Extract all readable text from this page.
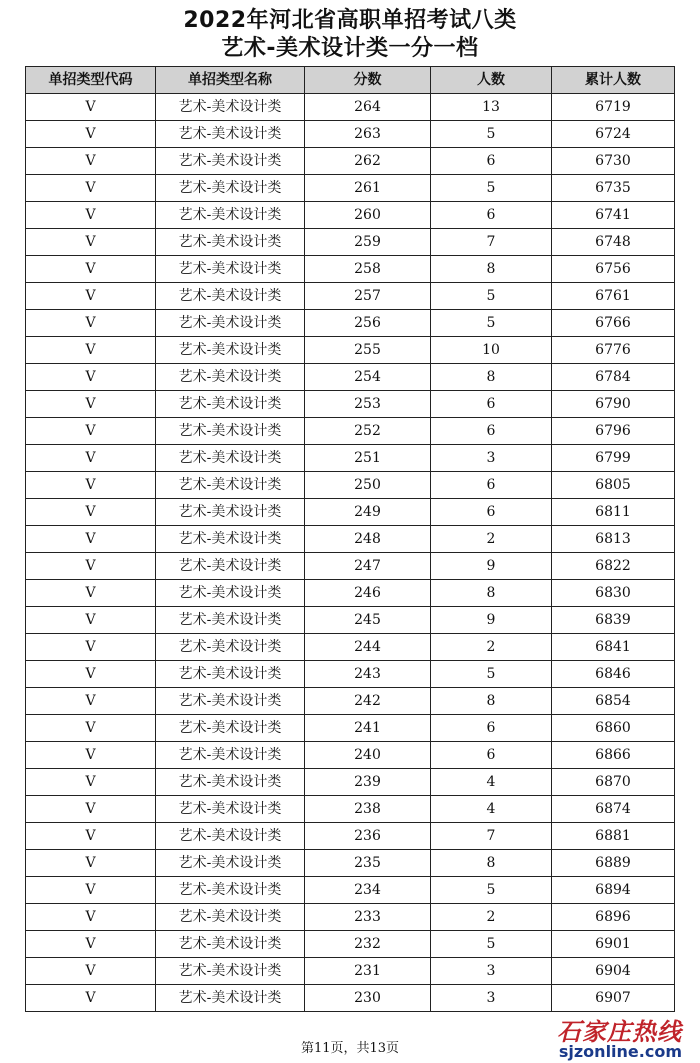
2022年河北省高职单招考试八类
艺术-美术设计类一分一档
单招类型代码	单招类型名称	分数	人数	累计人数
V	艺术-美术设计类	264	13	6719
V	艺术-美术设计类	263	5	6724
V	艺术-美术设计类	262	6	6730
V	艺术-美术设计类	261	5	6735
V	艺术-美术设计类	260	6	6741
V	艺术-美术设计类	259	7	6748
V	艺术-美术设计类	258	8	6756
V	艺术-美术设计类	257	5	6761
V	艺术-美术设计类	256	5	6766
V	艺术-美术设计类	255	10	6776
V	艺术-美术设计类	254	8	6784
V	艺术-美术设计类	253	6	6790
V	艺术-美术设计类	252	6	6796
V	艺术-美术设计类	251	3	6799
V	艺术-美术设计类	250	6	6805
V	艺术-美术设计类	249	6	6811
V	艺术-美术设计类	248	2	6813
V	艺术-美术设计类	247	9	6822
V	艺术-美术设计类	246	8	6830
V	艺术-美术设计类	245	9	6839
V	艺术-美术设计类	244	2	6841
V	艺术-美术设计类	243	5	6846
V	艺术-美术设计类	242	8	6854
V	艺术-美术设计类	241	6	6860
V	艺术-美术设计类	240	6	6866
V	艺术-美术设计类	239	4	6870
V	艺术-美术设计类	238	4	6874
V	艺术-美术设计类	236	7	6881
V	艺术-美术设计类	235	8	6889
V	艺术-美术设计类	234	5	6894
V	艺术-美术设计类	233	2	6896
V	艺术-美术设计类	232	5	6901
V	艺术-美术设计类	231	3	6904
V	艺术-美术设计类	230	3	6907
第11页，共13页
石家庄热线
sjzonline.com
